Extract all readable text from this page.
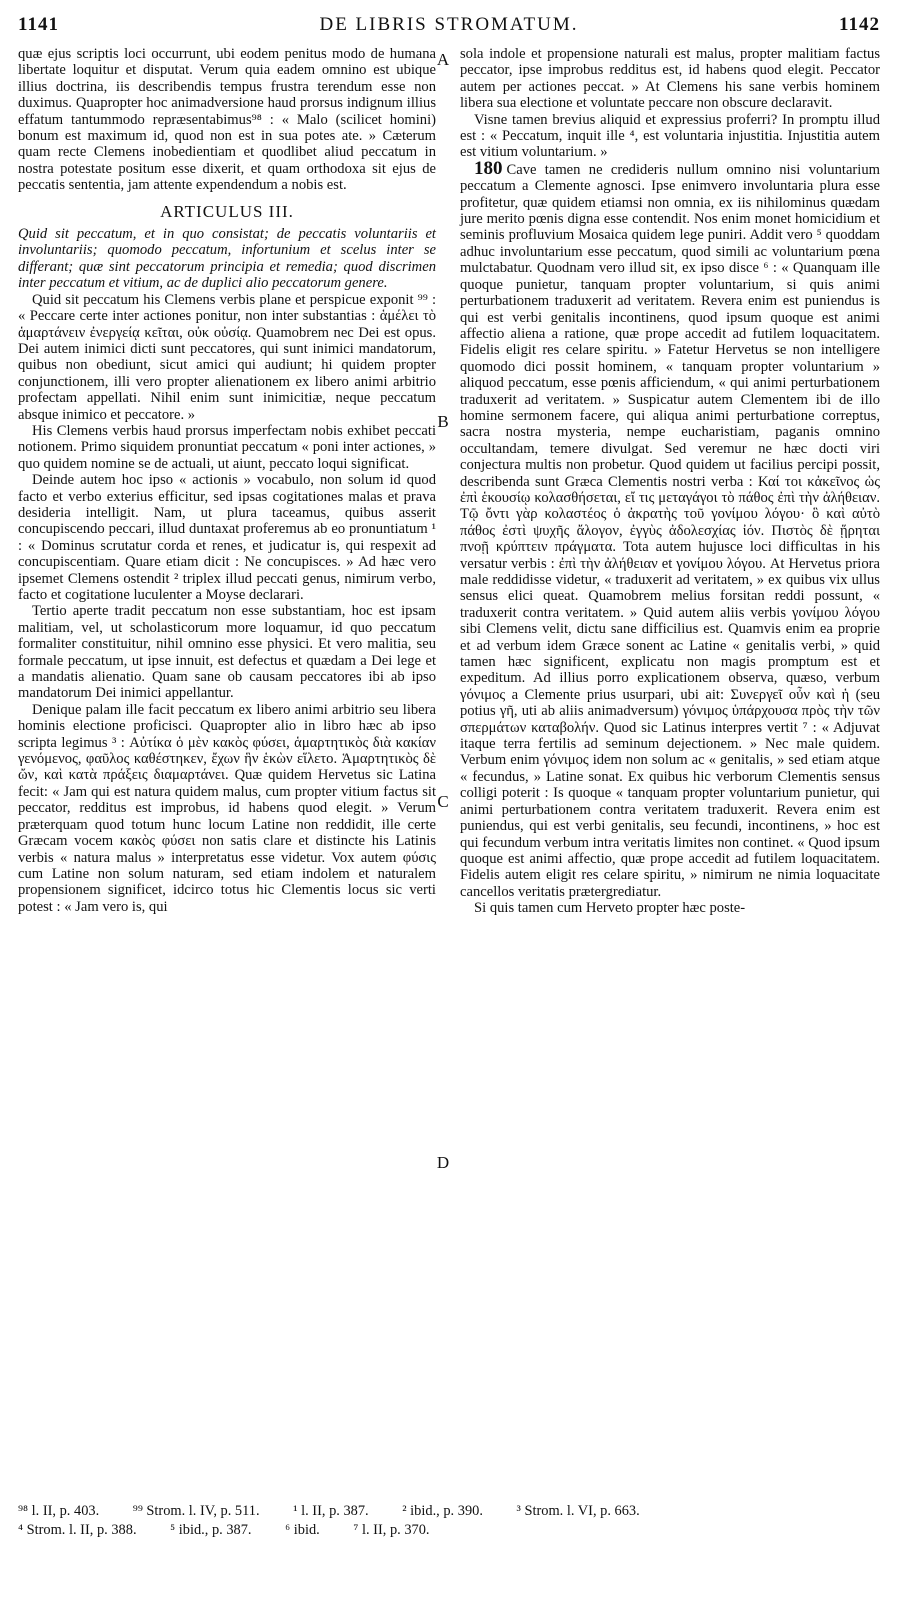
1141	DE LIBRIS STROMATUM.	1142
A
B
C
D

quæ ejus scriptis loci occurrunt, ubi eodem penitus modo de humana libertate loquitur et disputat. Verum quia eadem omnino est ubique illius doctrina, iis describendis tempus frustra terendum esse non duximus. Quapropter hoc animadversione haud prorsus indignum illius effatum tantummodo repræsentabimus⁹⁸ : « Malo (scilicet homini) bonum est maximum id, quod non est in sua potes ate. » Cæterum quam recte Clemens inobedientiam et quodlibet aliud peccatum in nostra potestate positum esse dixerit, et quam orthodoxa sit ejus de peccatis sententia, jam attente expendendum a nobis est.

ARTICULUS III.

Quid sit peccatum, et in quo consistat; de peccatis voluntariis et involuntariis; quomodo peccatum, infortunium et scelus inter se differant; quæ sint peccatorum principia et remedia; quod discrimen inter peccatum et vitium, ac de duplici alio peccatorum genere.

Quid sit peccatum his Clemens verbis plane et perspicue exponit ⁹⁹ : « Peccare certe inter actiones ponitur, non inter substantias : ἁμέλει τὸ ἁμαρτάνειν ἐνεργείᾳ κεῖται, οὐκ οὐσίᾳ. Quamobrem nec Dei est opus. Dei autem inimici dicti sunt peccatores, qui sunt inimici mandatorum, quibus non obediunt, sicut amici qui audiunt; hi quidem propter conjunctionem, illi vero propter alienationem ex libero animi arbitrio profectam appellati. Nihil enim sunt inimicitiæ, neque peccatum absque inimico et peccatore. »

His Clemens verbis haud prorsus imperfectam nobis exhibet peccati notionem. Primo siquidem pronuntiat peccatum « poni inter actiones, » quo quidem nomine se de actuali, ut aiunt, peccato loqui significat.

Deinde autem hoc ipso « actionis » vocabulo, non solum id quod facto et verbo exterius efficitur, sed ipsas cogitationes malas et prava desideria intelligit. Nam, ut plura taceamus, quibus asserit concupiscendo peccari, illud duntaxat proferemus ab eo pronuntiatum ¹ : « Dominus scrutatur corda et renes, et judicatur is, qui respexit ad concupiscentiam. Quare etiam dicit : Ne concupisces. » Ad hæc vero ipsemet Clemens ostendit ² triplex illud peccati genus, nimirum verbo, facto et cogitatione luculenter a Moyse declarari.

Tertio aperte tradit peccatum non esse substantiam, hoc est ipsam malitiam, vel, ut scholasticorum more loquamur, id quo peccatum formaliter constituitur, nihil omnino esse physici. Et vero malitia, seu formale peccatum, ut ipse innuit, est defectus et quædam a Dei lege et a mandatis alienatio. Quam sane ob causam peccatores ibi ab ipso mandatorum Dei inimici appellantur.

Denique palam ille facit peccatum ex libero animi arbitrio seu libera hominis electione proficisci. Quapropter alio in libro hæc ab ipso scripta legimus ³ : Αὐτίκα ὁ μὲν κακὸς φύσει, ἁμαρτητικὸς διὰ κακίαν γενόμενος, φαῦλος καθέστηκεν, ἔχων ἣν ἑκὼν εἵλετο. Ἁμαρτητικὸς δὲ ὤν, καὶ κατὰ πράξεις διαμαρτάνει. Quæ quidem Hervetus sic Latina fecit: « Jam qui est natura quidem malus, cum propter vitium factus sit peccator, redditus est improbus, id habens quod elegit. » Verum præterquam quod totum hunc locum Latine non reddidit, ille certe Græcam vocem κακὸς φύσει non satis clare et distincte his Latinis verbis « natura malus » interpretatus esse videtur. Vox autem φύσις cum Latine non solum naturam, sed etiam indolem et naturalem propensionem significet, idcirco totus hic Clementis locus sic verti potest : « Jam vero is, qui

sola indole et propensione naturali est malus, propter malitiam factus peccator, ipse improbus redditus est, id habens quod elegit. Peccator autem per actiones peccat. » At Clemens his sane verbis hominem libera sua electione et voluntate peccare non obscure declaravit.

Visne tamen brevius aliquid et expressius proferri? In promptu illud est : « Peccatum, inquit ille ⁴, est voluntaria injustitia. Injustitia autem est vitium voluntarium. »

180 Cave tamen ne credideris nullum omnino nisi voluntarium peccatum a Clemente agnosci. Ipse enimvero involuntaria plura esse profitetur, quæ quidem etiamsi non omnia, ex iis nihilominus quædam jure merito pœnis digna esse contendit. Nos enim monet homicidium et seminis profluvium Mosaica quidem lege puniri. Addit vero ⁵ quoddam adhuc involuntarium esse peccatum, quod simili ac voluntarium pœna mulctabatur. Quodnam vero illud sit, ex ipso disce ⁶ : « Quanquam ille quoque punietur, tanquam propter voluntarium, si quis animi perturbationem traduxerit ad veritatem. Revera enim est puniendus is qui est verbi genitalis incontinens, quod ipsum quoque est animi affectio aliena a ratione, quæ prope accedit ad futilem loquacitatem. Fidelis eligit res celare spiritu. » Fatetur Hervetus se non intelligere quomodo dici possit hominem, « tanquam propter voluntarium » aliquod peccatum, esse pœnis afficiendum, « qui animi perturbationem traduxerit ad veritatem. » Suspicatur autem Clementem ibi de illo homine sermonem facere, qui aliqua animi perturbatione correptus, sacra nostra mysteria, nempe eucharistiam, paganis omnino occultandam, temere divulgat. Sed veremur ne hæc docti viri conjectura multis non probetur. Quod quidem ut facilius percipi possit, describenda sunt Græca Clementis nostri verba : Καί τοι κἀκεῖνος ὡς ἐπὶ ἑκουσίῳ κολασθήσεται, εἴ τις μεταγάγοι τὸ πάθος ἐπὶ τὴν ἀλήθειαν. Τῷ ὄντι γὰρ κολαστέος ὁ ἀκρατὴς τοῦ γονίμου λόγου· ὃ καὶ αὐτὸ πάθος ἐστὶ ψυχῆς ἄλογον, ἐγγὺς ἀδολεσχίας ἰόν. Πιστὸς δὲ ᾕρηται πνοῇ κρύπτειν πράγματα. Tota autem hujusce loci difficultas in his versatur verbis : ἐπὶ τὴν ἀλήθειαν et γονίμου λόγου. At Hervetus priora male reddidisse videtur, « traduxerit ad veritatem, » ex quibus vix ullus sensus elici queat. Quamobrem melius forsitan reddi possunt, « traduxerit contra veritatem. » Quid autem aliis verbis γονίμου λόγου sibi Clemens velit, dictu sane difficilius est. Quamvis enim ea proprie et ad verbum idem Græce sonent ac Latine « genitalis verbi, » quid tamen hæc significent, explicatu non magis promptum est et expeditum. Ad illius porro explicationem observa, quæso, verbum γόνιμος a Clemente prius usurpari, ubi ait: Συνεργεῖ οὖν καὶ ἡ (seu potius γῆ, uti ab aliis animadversum) γόνιμος ὑπάρχουσα πρὸς τὴν τῶν σπερμάτων καταβολήν. Quod sic Latinus interpres vertit ⁷ : « Adjuvat itaque terra fertilis ad seminum dejectionem. » Nec male quidem. Verbum enim γόνιμος idem non solum ac « genitalis, » sed etiam atque « fecundus, » Latine sonat. Ex quibus hic verborum Clementis sensus colligi poterit : Is quoque « tanquam propter voluntarium punietur, qui animi perturbationem contra veritatem traduxerit. Revera enim est puniendus, qui est verbi genitalis, seu fecundi, incontinens, » hoc est qui fecundum verbum intra veritatis limites non continet. « Quod ipsum quoque est animi affectio, quæ prope accedit ad futilem loquacitatem. Fidelis autem eligit res celare spiritu, » nimirum ne nimia loquacitate cancellos veritatis prætergrediatur.

Si quis tamen cum Herveto propter hæc poste-

⁹⁸ l. II, p. 403. ⁹⁹ Strom. l. IV, p. 511. ¹ l. II, p. 387. ² ibid., p. 390. ³ Strom. l. VI, p. 663.
⁴ Strom. l. II, p. 388. ⁵ ibid., p. 387. ⁶ ibid. ⁷ l. II, p. 370.
